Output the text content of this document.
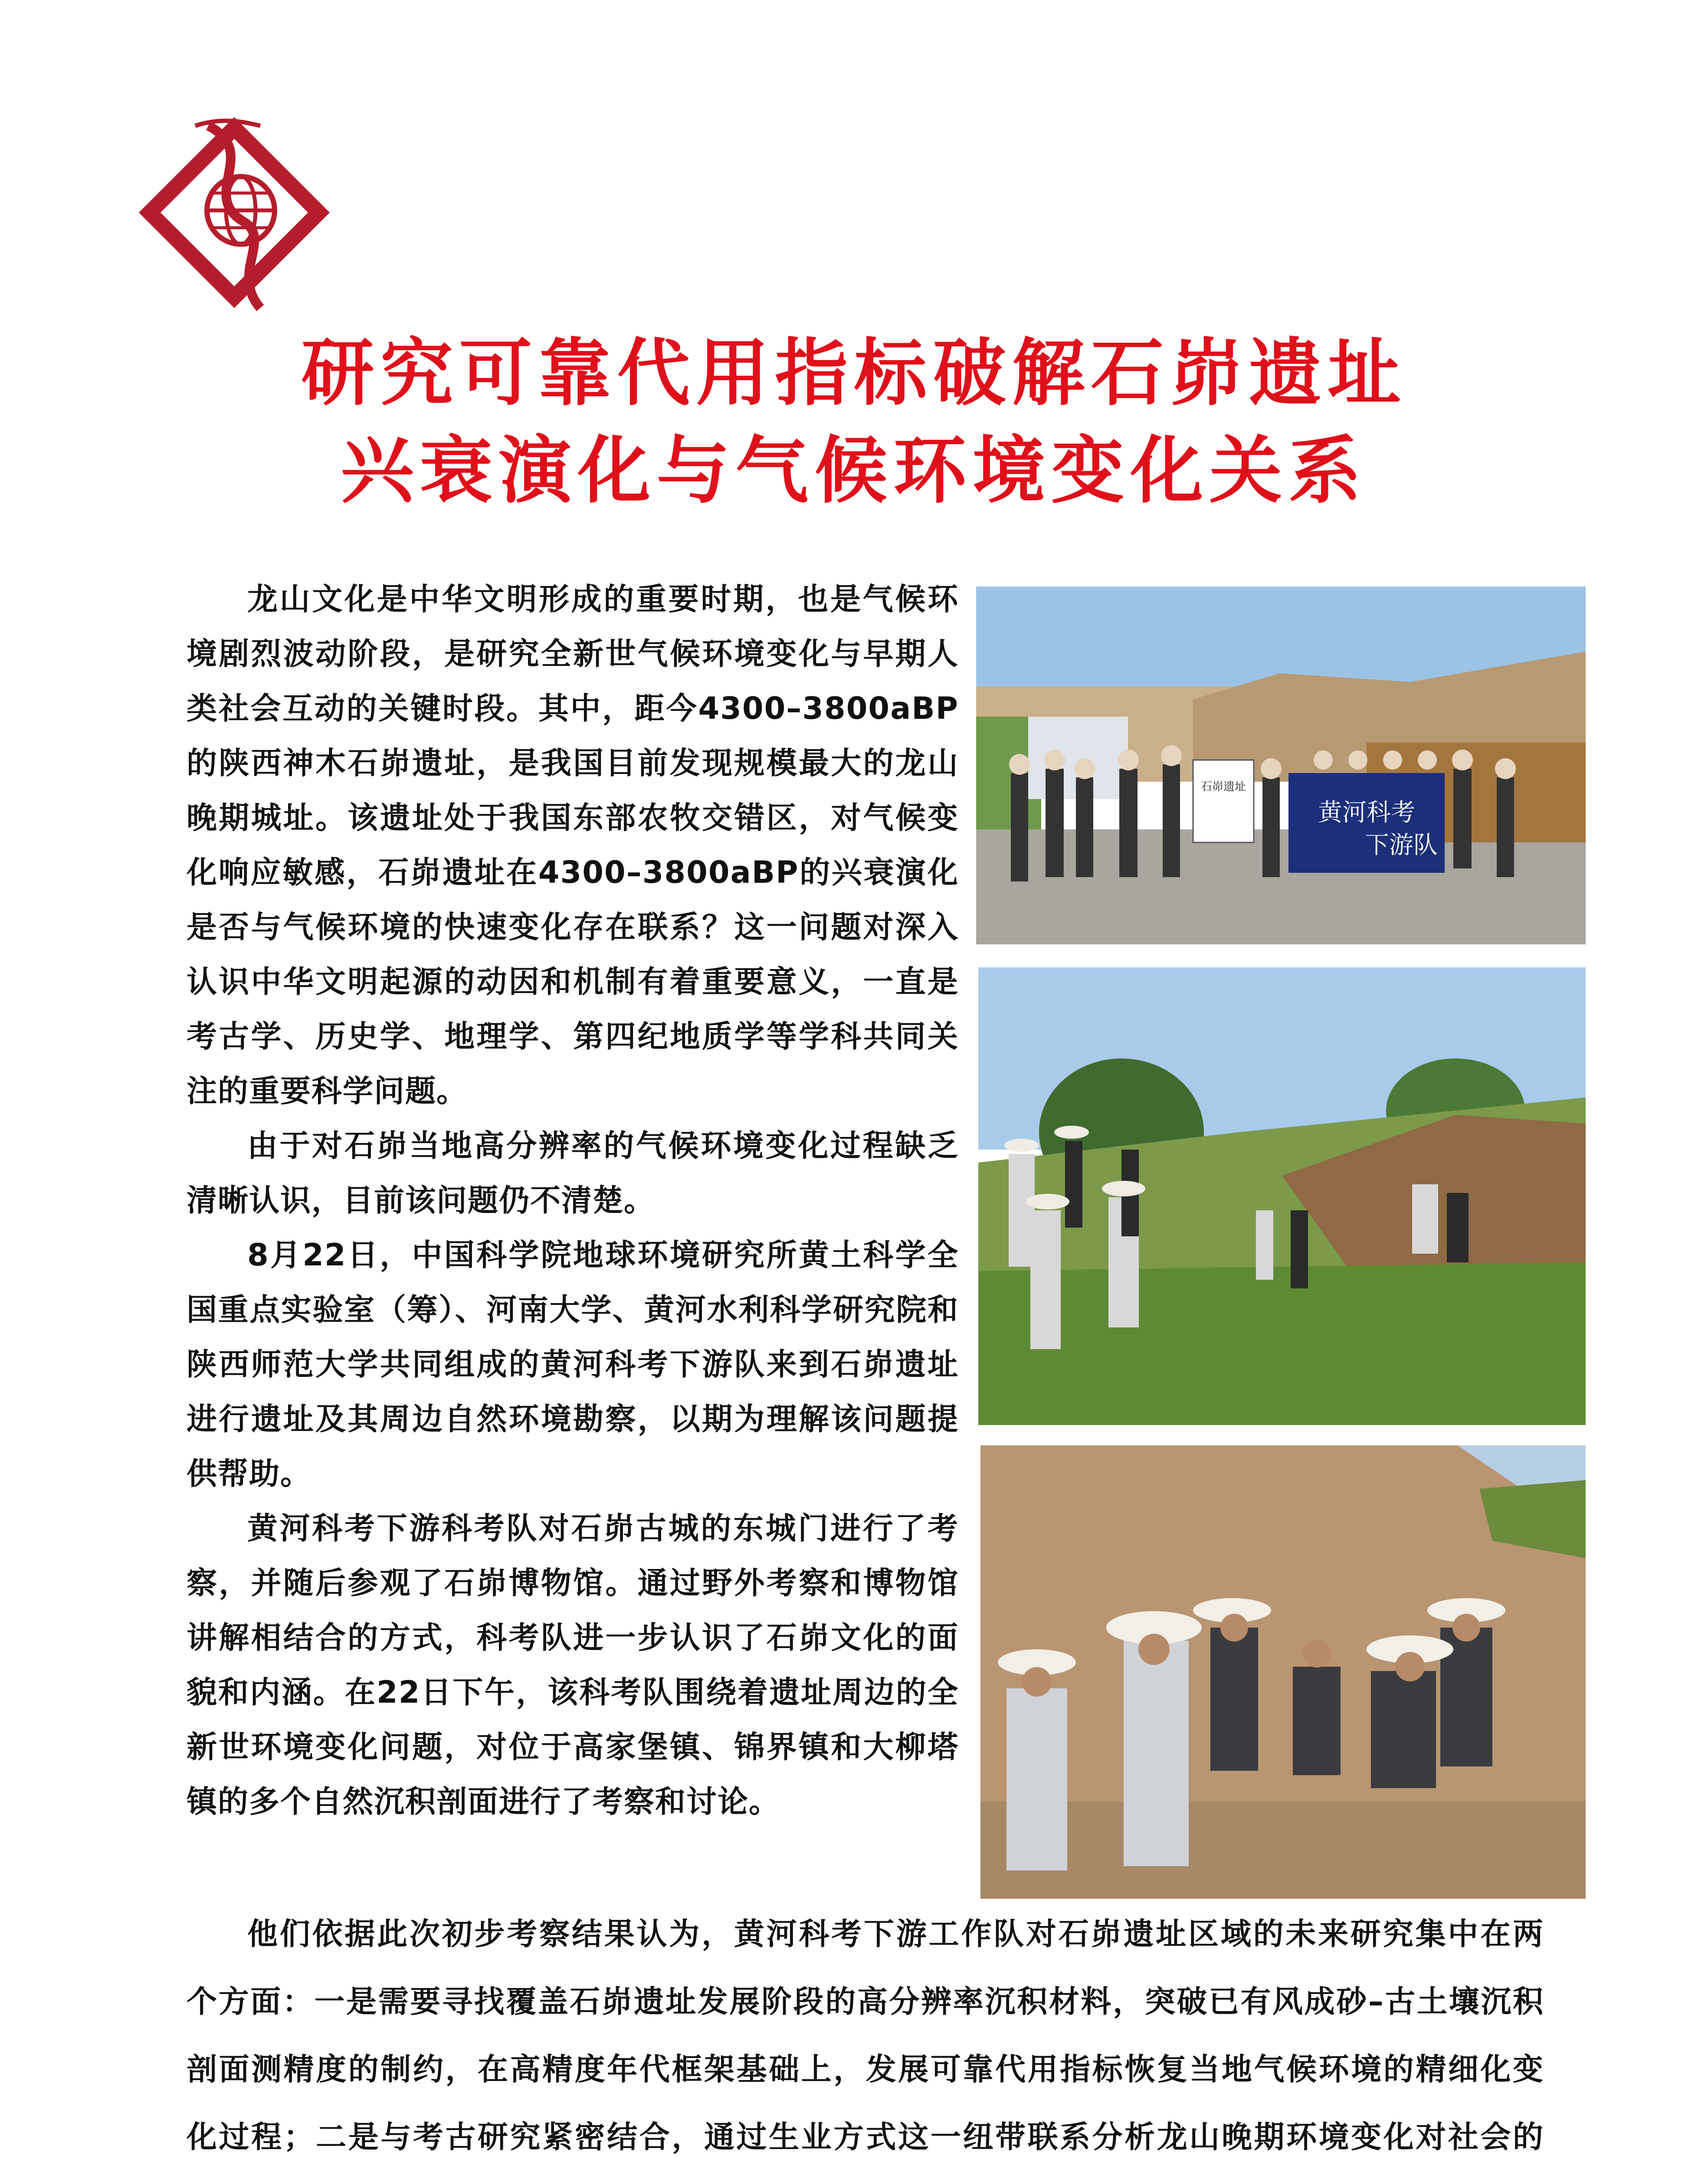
研究可靠代用指标破解石峁遗址
兴衰演化与气候环境变化关系

龙山文化是中华文明形成的重要时期，也是气候环境剧烈波动阶段，是研究全新世气候环境变化与早期人类社会互动的关键时段。其中，距今4300–3800aBP的陕西神木石峁遗址，是我国目前发现规模最大的龙山晚期城址。该遗址处于我国东部农牧交错区，对气候变化响应敏感，石峁遗址在4300–3800aBP的兴衰演化是否与气候环境的快速变化存在联系？这一问题对深入认识中华文明起源的动因和机制有着重要意义，一直是考古学、历史学、地理学、第四纪地质学等学科共同关注的重要科学问题。

由于对石峁当地高分辨率的气候环境变化过程缺乏清晰认识，目前该问题仍不清楚。

8月22日，中国科学院地球环境研究所黄土科学全国重点实验室（筹）、河南大学、黄河水利科学研究院和陕西师范大学共同组成的黄河科考下游队来到石峁遗址进行遗址及其周边自然环境勘察，以期为理解该问题提供帮助。

黄河科考下游科考队对石峁古城的东城门进行了考察，并随后参观了石峁博物馆。通过野外考察和博物馆讲解相结合的方式，科考队进一步认识了石峁文化的面貌和内涵。在22日下午，该科考队围绕着遗址周边的全新世环境变化问题，对位于高家堡镇、锦界镇和大柳塔镇的多个自然沉积剖面进行了考察和讨论。

他们依据此次初步考察结果认为，黄河科考下游工作队对石峁遗址区域的未来研究集中在两个方面：一是需要寻找覆盖石峁遗址发展阶段的高分辨率沉积材料，突破已有风成砂–古土壤沉积剖面测精度的制约，在高精度年代框架基础上，发展可靠代用指标恢复当地气候环境的精细化变化过程；二是与考古研究紧密结合，通过生业方式这一纽带联系分析龙山晚期环境变化对社会的

石峁遗址
黄河科考
下游队
